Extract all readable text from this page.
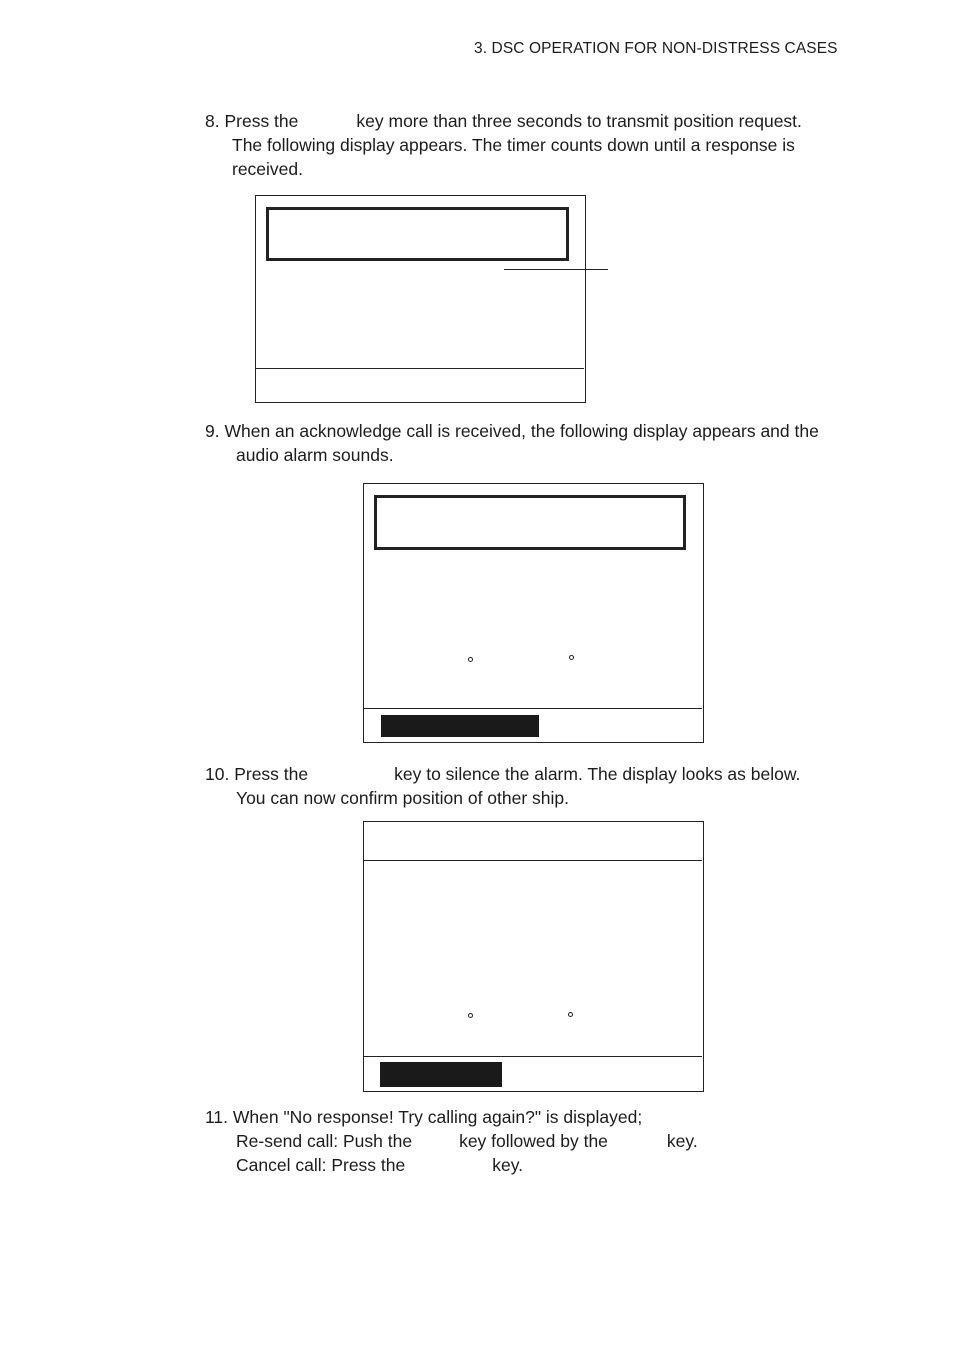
3. DSC OPERATION FOR NON-DISTRESS CASES
8. Press the	key more than three seconds to transmit position request.
The following display appears. The timer counts down until a response is
received.
9. When an acknowledge call is received, the following display appears and the
audio alarm sounds.
10. Press the	key to silence the alarm. The display looks as below.
You can now confirm position of other ship.
11. When "No response! Try calling again?" is displayed;
Re-send call: Push the	key followed by the	key.
Cancel call: Press the	key.
